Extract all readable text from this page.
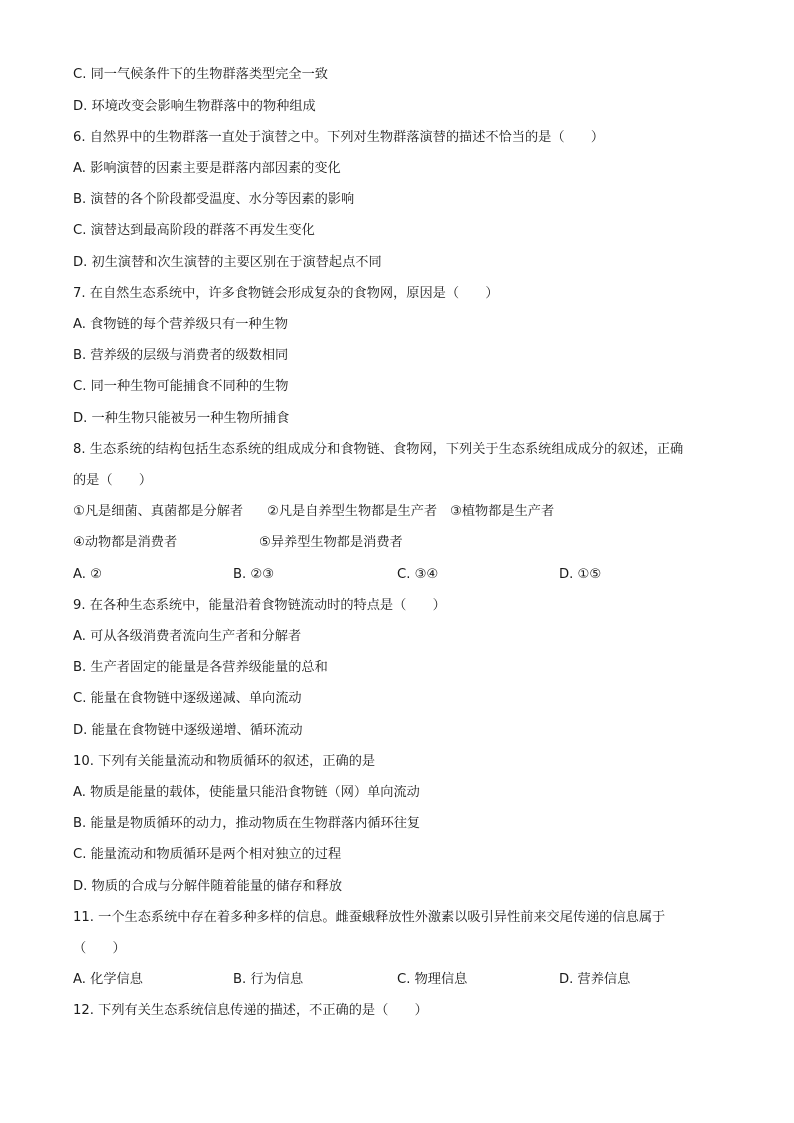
C. 同一气候条件下的生物群落类型完全一致
D. 环境改变会影响生物群落中的物种组成
6. 自然界中的生物群落一直处于演替之中。下列对生物群落演替的描述不恰当的是（　　）
A. 影响演替的因素主要是群落内部因素的变化
B. 演替的各个阶段都受温度、水分等因素的影响
C. 演替达到最高阶段的群落不再发生变化
D. 初生演替和次生演替的主要区别在于演替起点不同
7. 在自然生态系统中，许多食物链会形成复杂的食物网，原因是（　　）
A. 食物链的每个营养级只有一种生物
B. 营养级的层级与消费者的级数相同
C. 同一种生物可能捕食不同种的生物
D. 一种生物只能被另一种生物所捕食
8. 生态系统的结构包括生态系统的组成成分和食物链、食物网，下列关于生态系统组成成分的叙述，正确
的是（　　）
①凡是细菌、真菌都是分解者 ②凡是自养型生物都是生产者 ③植物都是生产者
④动物都是消费者	⑤异养型生物都是消费者
A. ②	B. ②③	C. ③④	D. ①⑤
9. 在各种生态系统中，能量沿着食物链流动时的特点是（　　）
A. 可从各级消费者流向生产者和分解者
B. 生产者固定的能量是各营养级能量的总和
C. 能量在食物链中逐级递减、单向流动
D. 能量在食物链中逐级递增、循环流动
10. 下列有关能量流动和物质循环的叙述，正确的是
A. 物质是能量的载体，使能量只能沿食物链（网）单向流动
B. 能量是物质循环的动力，推动物质在生物群落内循环往复
C. 能量流动和物质循环是两个相对独立的过程
D. 物质的合成与分解伴随着能量的储存和释放
11. 一个生态系统中存在着多种多样的信息。雌蚕蛾释放性外激素以吸引异性前来交尾传递的信息属于
（　　）
A. 化学信息	B. 行为信息	C. 物理信息	D. 营养信息
12. 下列有关生态系统信息传递的描述，不正确的是（　　）
